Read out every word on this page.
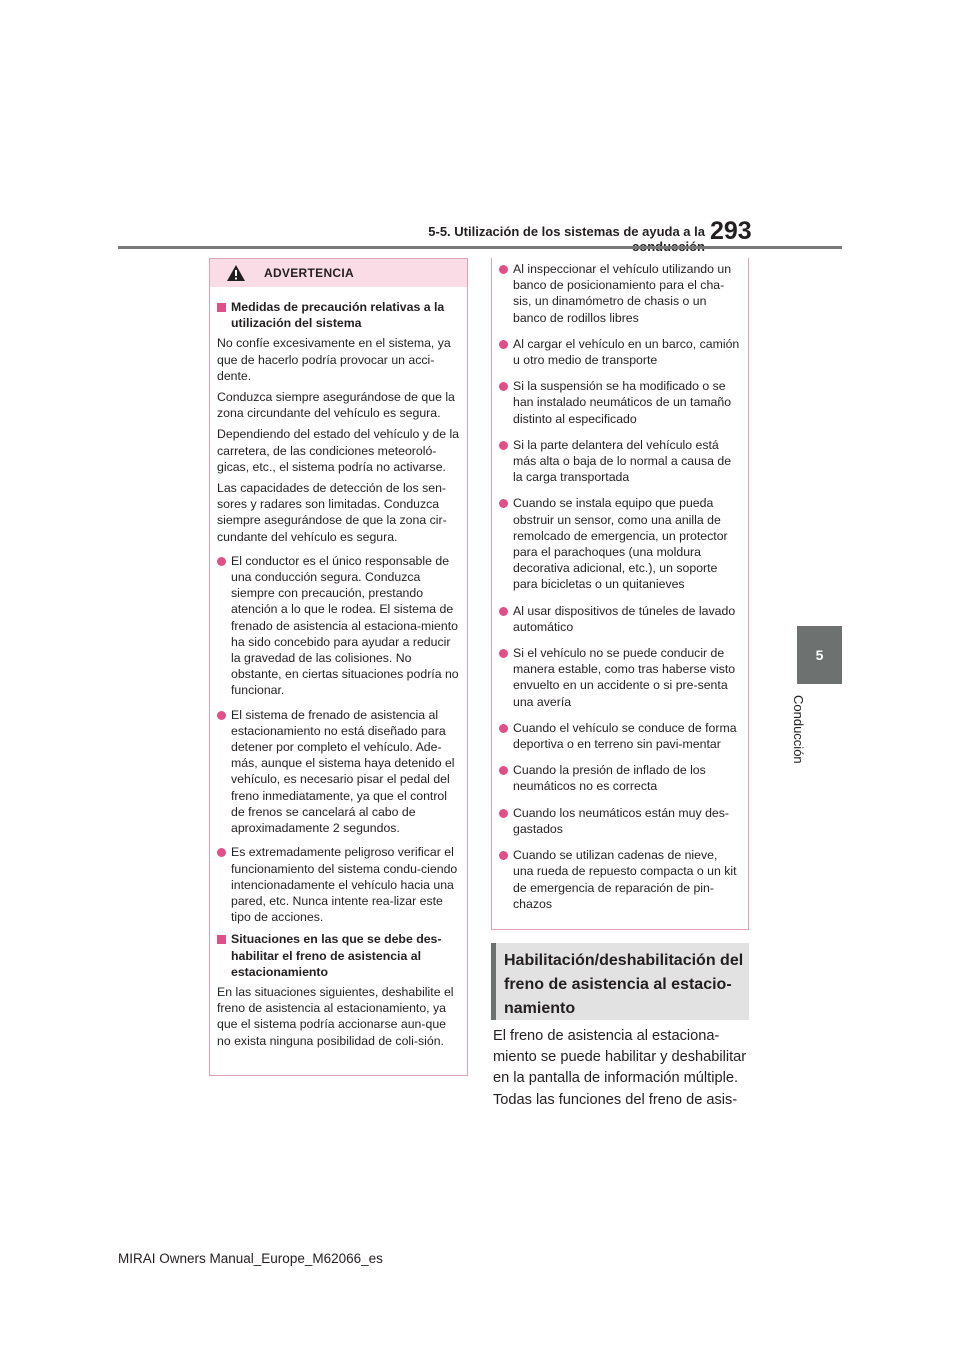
293
5-5. Utilización de los sistemas de ayuda a la
5
Conducción
ADVERTENCIA
Medidas de precaución relativas a la utilización del sistema

No confíe excesivamente en el sistema, ya que de hacerlo podría provocar un acci-dente.

Conduzca siempre asegurándose de que la zona circundante del vehículo es segura.

Dependiendo del estado del vehículo y de la carretera, de las condiciones meteoroló-gicas, etc., el sistema podría no activarse.

Las capacidades de detección de los sen-sores y radares son limitadas. Conduzca siempre asegurándose de que la zona cir-cundante del vehículo es segura.

El conductor es el único responsable de una conducción segura. Conduzca siempre con precaución, prestando atención a lo que le rodea. El sistema de frenado de asistencia al estaciona-miento ha sido concebido para ayudar a reducir la gravedad de las colisiones. No obstante, en ciertas situaciones podría no funcionar.
El sistema de frenado de asistencia al estacionamiento no está diseñado para detener por completo el vehículo. Ade-más, aunque el sistema haya detenido el vehículo, es necesario pisar el pedal del freno inmediatamente, ya que el control de frenos se cancelará al cabo de aproximadamente 2 segundos.
Es extremadamente peligroso verificar el funcionamiento del sistema condu-ciendo intencionadamente el vehículo hacia una pared, etc. Nunca intente rea-lizar este tipo de acciones.
Situaciones en las que se debe des-habilitar el freno de asistencia al estacionamiento

En las situaciones siguientes, deshabilite el freno de asistencia al estacionamiento, ya que el sistema podría accionarse aun-que no exista ninguna posibilidad de coli-sión.

Al inspeccionar el vehículo utilizando un banco de posicionamiento para el cha-sis, un dinamómetro de chasis o un banco de rodillos libres
Al cargar el vehículo en un barco, camión u otro medio de transporte
Si la suspensión se ha modificado o se han instalado neumáticos de un tamaño distinto al especificado
Si la parte delantera del vehículo está más alta o baja de lo normal a causa de la carga transportada
Cuando se instala equipo que pueda obstruir un sensor, como una anilla de remolcado de emergencia, un protector para el parachoques (una moldura decorativa adicional, etc.), un soporte para bicicletas o un quitanieves
Al usar dispositivos de túneles de lavado automático
Si el vehículo no se puede conducir de manera estable, como tras haberse visto envuelto en un accidente o si pre-senta una avería
Cuando el vehículo se conduce de forma deportiva o en terreno sin pavi-mentar
Cuando la presión de inflado de los neumáticos no es correcta
Cuando los neumáticos están muy des-gastados
Cuando se utilizan cadenas de nieve, una rueda de repuesto compacta o un kit de emergencia de reparación de pin-chazos
Habilitación/deshabilitación del freno de asistencia al estacio-namiento
El freno de asistencia al estaciona-miento se puede habilitar y deshabilitar en la pantalla de información múltiple. Todas las funciones del freno de asis-
MIRAI Owners Manual_Europe_M62066_es
